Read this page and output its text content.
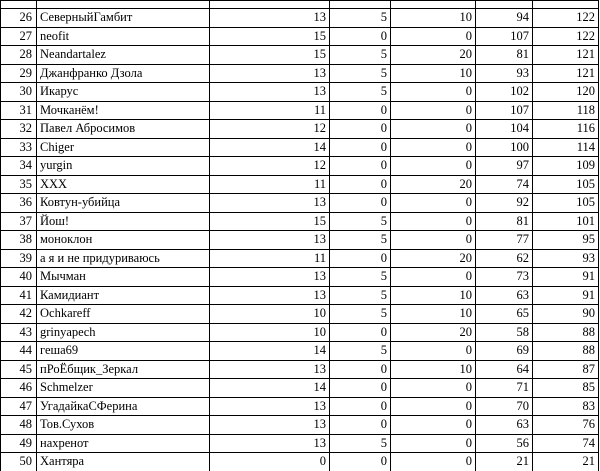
26	СеверныйГамбит	13	5	10	94	122
27	neofit	15	0	0	107	122
28	Neandartalez	15	5	20	81	121
29	Джанфранко Дзола	13	5	10	93	121
30	Икарус	13	5	0	102	120
31	Мочканём!	11	0	0	107	118
32	Павел Абросимов	12	0	0	104	116
33	Chiger	14	0	0	100	114
34	yurgin	12	0	0	97	109
35	XXX	11	0	20	74	105
36	Ковтун-убийца	13	0	0	92	105
37	Йош!	15	5	0	81	101
38	моноклон	13	5	0	77	95
39	а я и не придуриваюсь	11	0	20	62	93
40	Мычман	13	5	0	73	91
41	Камидиант	13	5	10	63	91
42	Ochkareff	10	5	10	65	90
43	grinyapech	10	0	20	58	88
44	геша69	14	5	0	69	88
45	пРоЁбщик_Зеркал	13	0	10	64	87
46	Schmelzer	14	0	0	71	85
47	УгадайкаСФерина	13	0	0	70	83
48	Тов.Сухов	13	0	0	63	76
49	нахренот	13	5	0	56	74
50	Хантяра	0	0	0	21	21
